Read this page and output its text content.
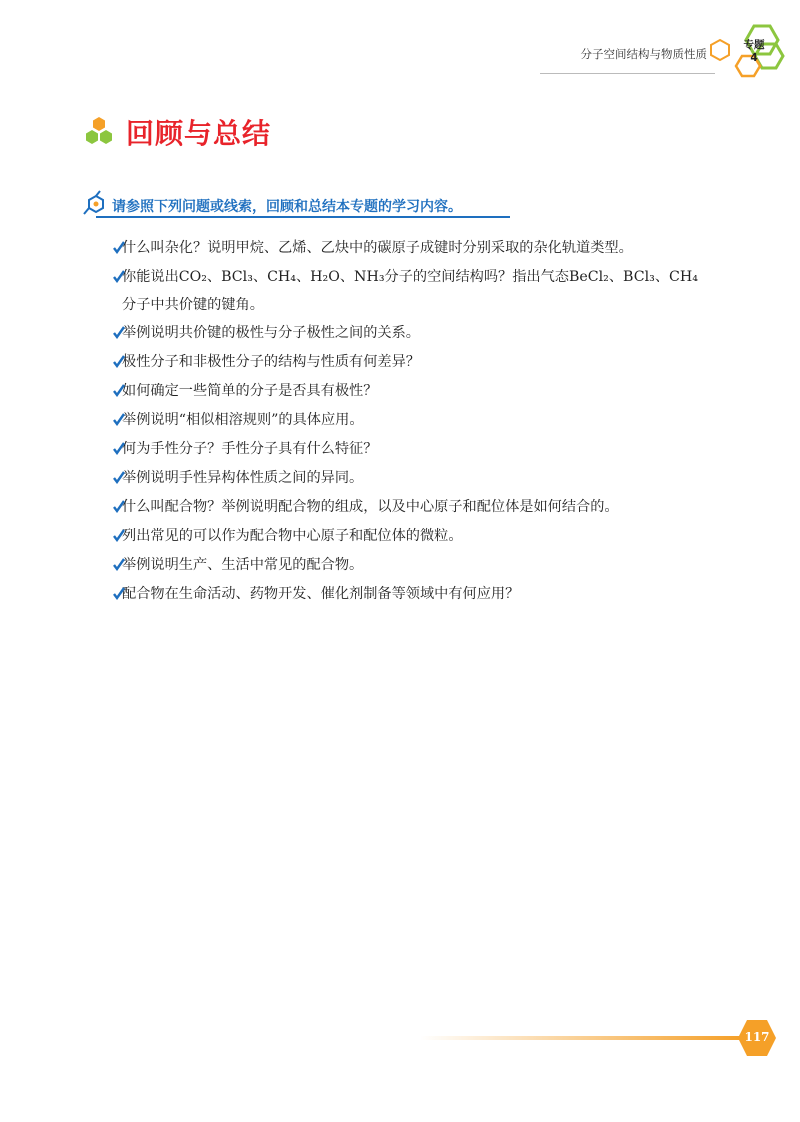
分子空间结构与物质性质
专题
4
回顾与总结
请参照下列问题或线索，回顾和总结本专题的学习内容。
什么叫杂化？说明甲烷、乙烯、乙炔中的碳原子成键时分别采取的杂化轨道类型。
你能说出CO₂、BCl₃、CH₄、H₂O、NH₃分子的空间结构吗？指出气态BeCl₂、BCl₃、CH₄分子中共价键的键角。
举例说明共价键的极性与分子极性之间的关系。
极性分子和非极性分子的结构与性质有何差异？
如何确定一些简单的分子是否具有极性？
举例说明“相似相溶规则”的具体应用。
何为手性分子？手性分子具有什么特征？
举例说明手性异构体性质之间的异同。
什么叫配合物？举例说明配合物的组成，以及中心原子和配位体是如何结合的。
列出常见的可以作为配合物中心原子和配位体的微粒。
举例说明生产、生活中常见的配合物。
配合物在生命活动、药物开发、催化剂制备等领域中有何应用？
117
